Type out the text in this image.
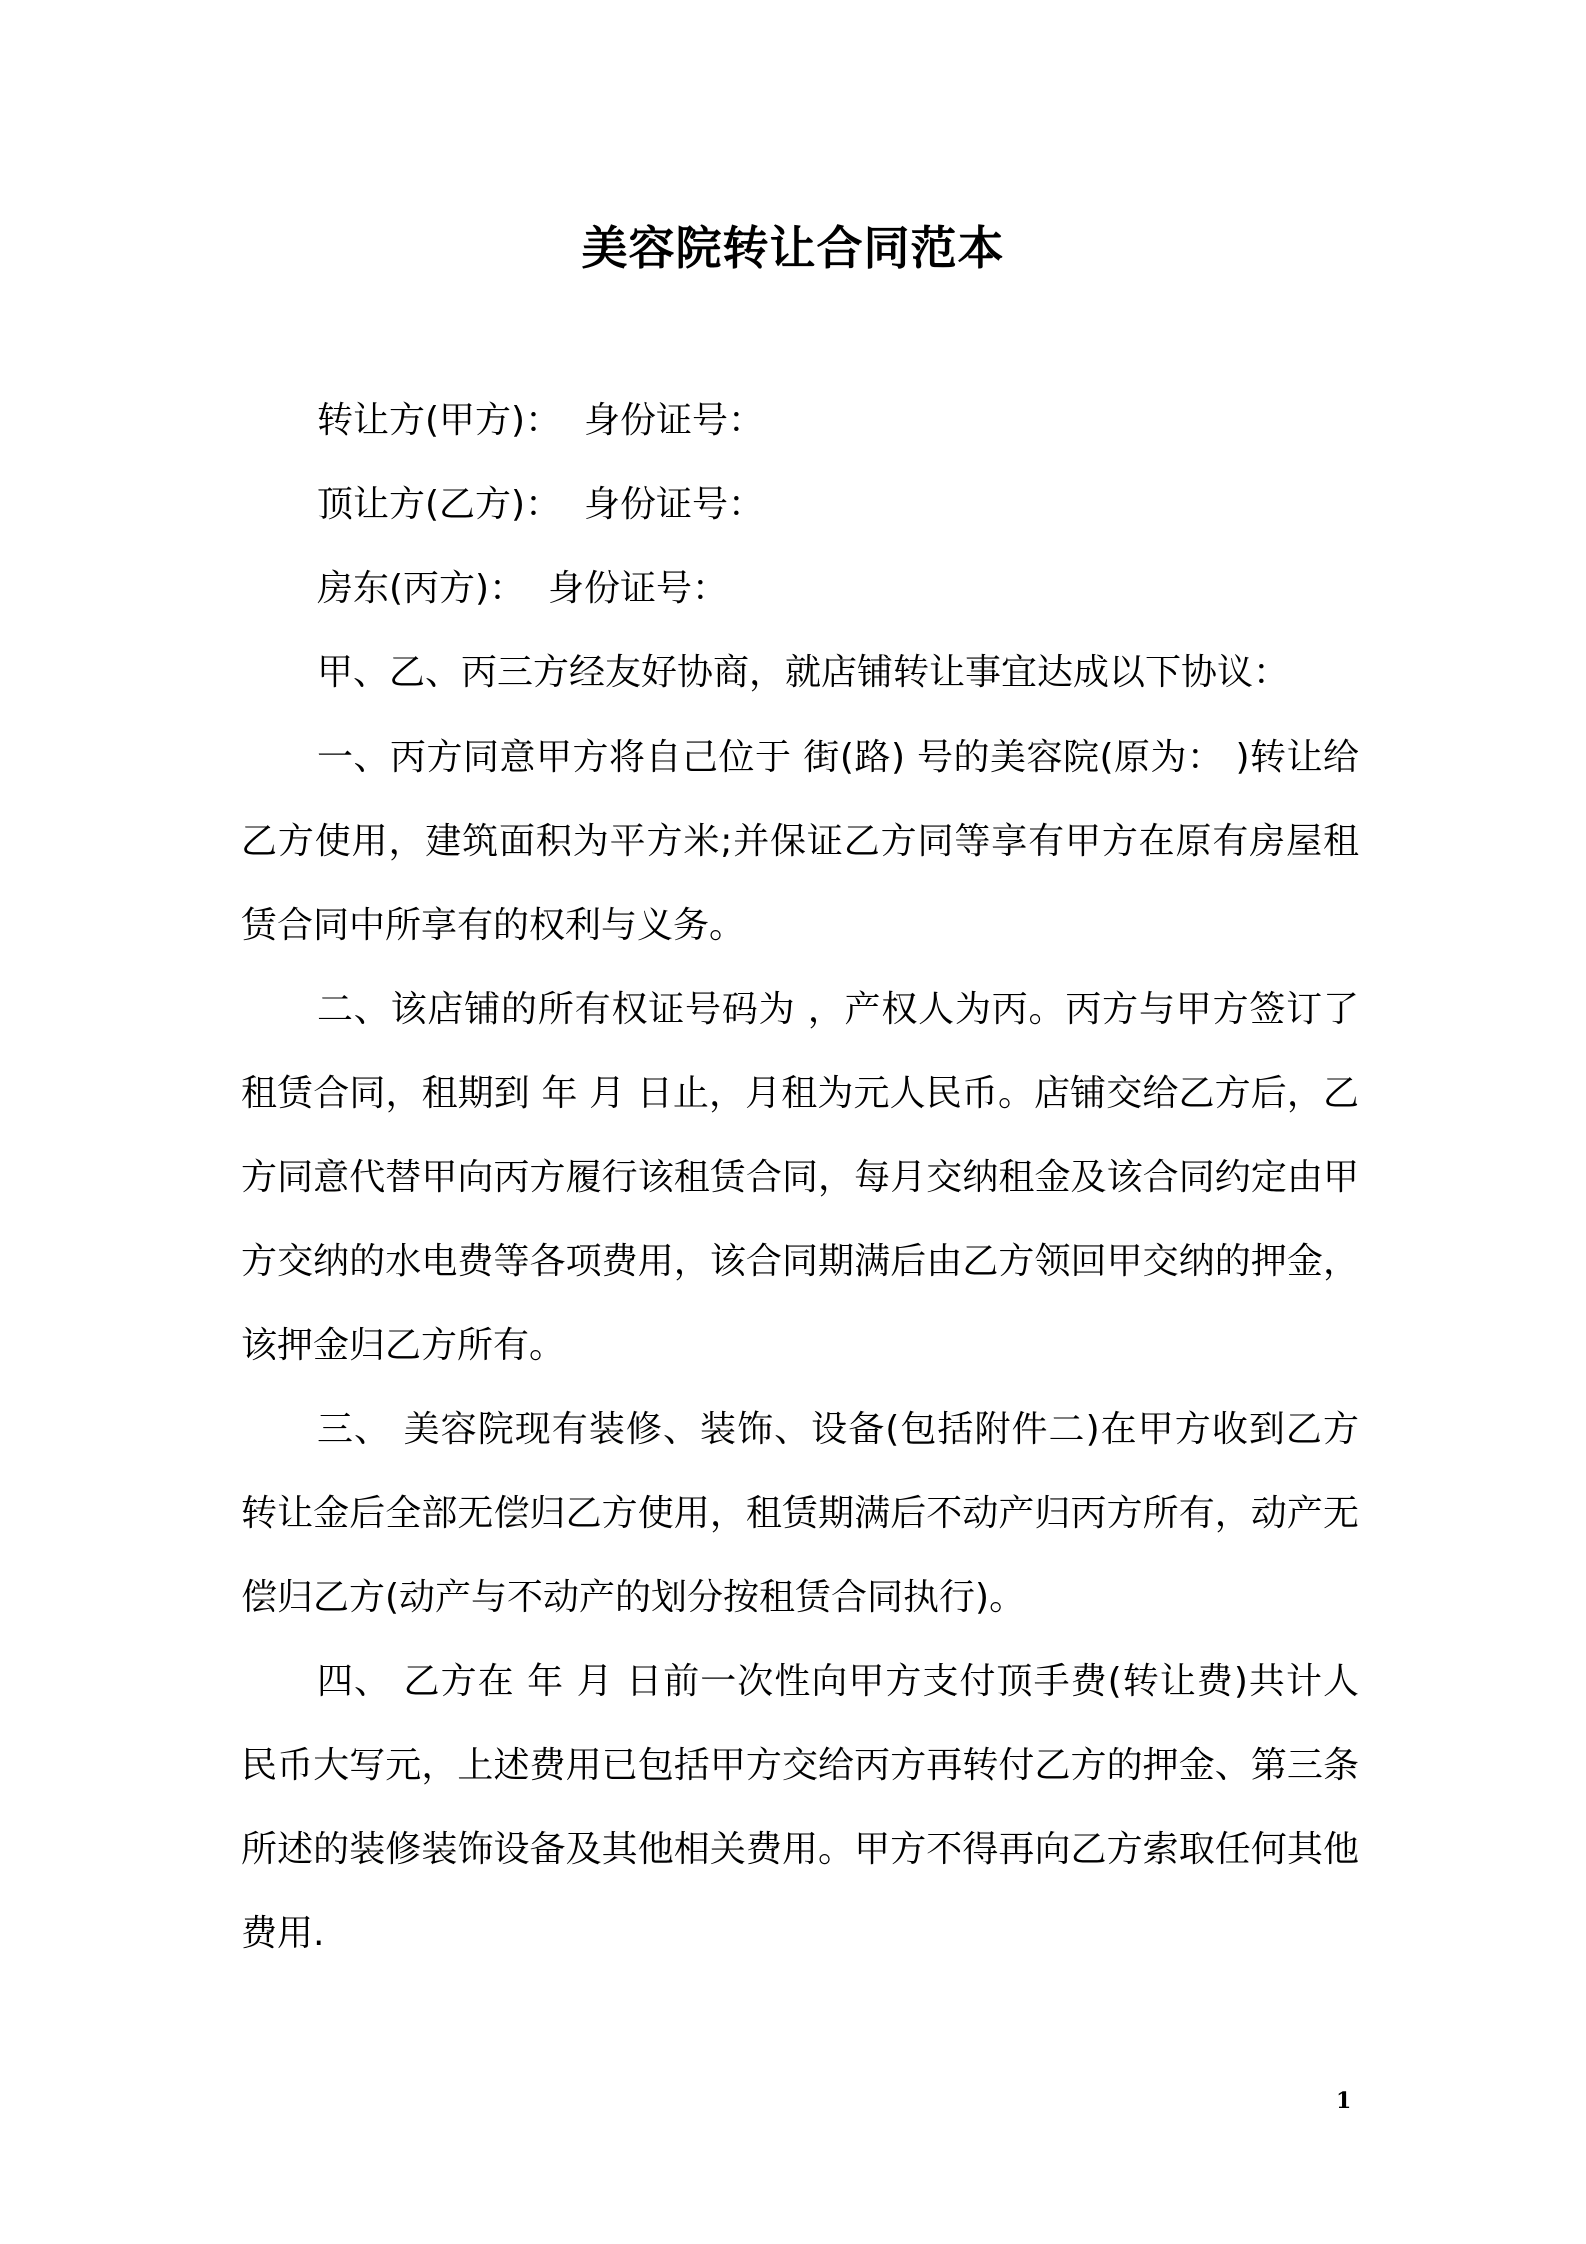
美容院转让合同范本

转让方(甲方)：  身份证号：

顶让方(乙方)：  身份证号：

房东(丙方)：  身份证号：

甲、乙、丙三方经友好协商，就店铺转让事宜达成以下协议：

一、丙方同意甲方将自己位于 街(路) 号的美容院(原为： )转让给乙方使用，建筑面积为平方米;并保证乙方同等享有甲方在原有房屋租赁合同中所享有的权利与义务。

二、该店铺的所有权证号码为 ，产权人为丙。丙方与甲方签订了租赁合同，租期到 年 月 日止，月租为元人民币。店铺交给乙方后，乙方同意代替甲向丙方履行该租赁合同，每月交纳租金及该合同约定由甲方交纳的水电费等各项费用，该合同期满后由乙方领回甲交纳的押金，该押金归乙方所有。

三、 美容院现有装修、装饰、设备(包括附件二)在甲方收到乙方转让金后全部无偿归乙方使用，租赁期满后不动产归丙方所有，动产无偿归乙方(动产与不动产的划分按租赁合同执行)。

四、 乙方在 年 月 日前一次性向甲方支付顶手费(转让费)共计人民币大写元，上述费用已包括甲方交给丙方再转付乙方的押金、第三条所述的装修装饰设备及其他相关费用。甲方不得再向乙方索取任何其他费用.

1
